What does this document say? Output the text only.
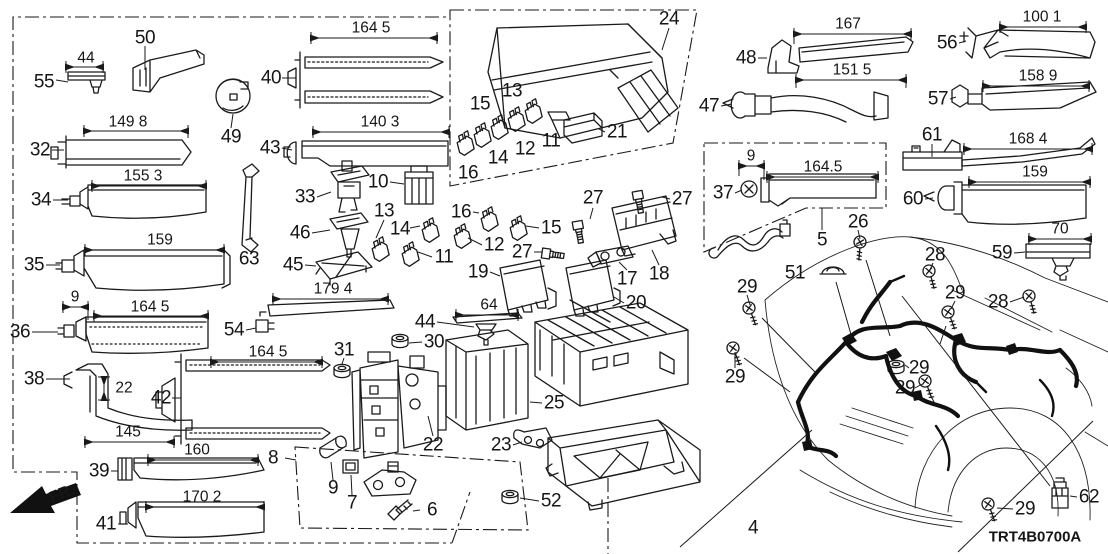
44
149 8
155 3
159
9
164 5
22
145
160
170 2
164 5
164 5
140 3
179 4
64
167
151 5
100 1
158 9
9
164.5
168 4
159
70
55
50
49
40
32
34
35	63
36	54
38
42
39
41
43
33
10
46
45
13
14
11
12
16
15
19
27
27	27
17 18
20
44
30
31
22
25
23
52
9
7	6
8
24
21
15
13
14 12 11
16
48
47
56
57
61
60
59
37
5
26
51
28
28
29
29
29
29
29
29
62
4
FR.
TRT4B0700A
